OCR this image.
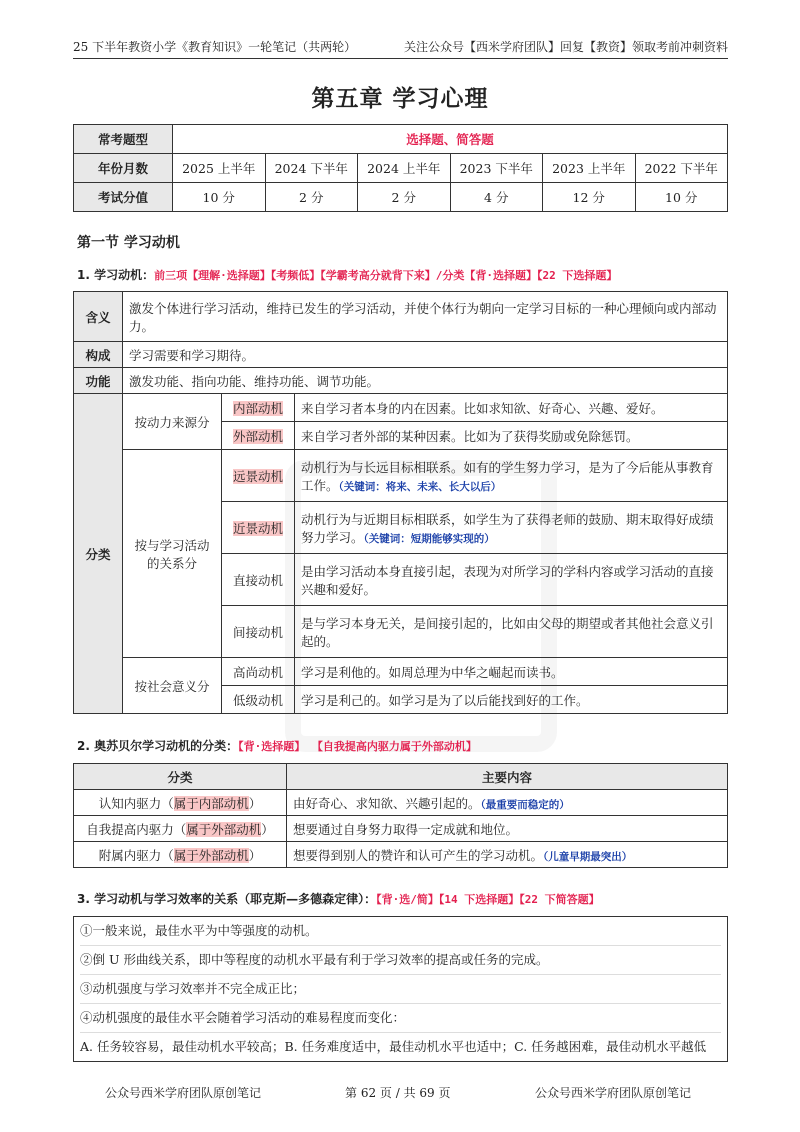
25 下半年教资小学《教育知识》一轮笔记（共两轮）	关注公众号【西米学府团队】回复【教资】领取考前冲刺资料
第五章 学习心理
常考题型	选择题、简答题					
年份月数	2025 上半年	2024 下半年	2024 上半年	2023 下半年	2023 上半年	2022 下半年
考试分值	10 分	2 分	2 分	4 分	12 分	10 分
第一节 学习动机
1. 学习动机：前三项【理解·选择题】【考频低】【学霸考高分就背下来】/分类【背·选择题】【22 下选择题】
含义	激发个体进行学习活动，维持已发生的学习活动，并使个体行为朝向一定学习目标的一种心理倾向或内部动力。		
构成	学习需要和学习期待。		
功能	激发功能、指向功能、维持功能、调节功能。		
分类	按动力来源分	内部动机	来自学习者本身的内在因素。比如求知欲、好奇心、兴趣、爱好。
		外部动机	来自学习者外部的某种因素。比如为了获得奖励或免除惩罚。
	按与学习活动的关系分	远景动机	动机行为与长远目标相联系。如有的学生努力学习，是为了今后能从事教育工作。（关键词：将来、未来、长大以后）
		近景动机	动机行为与近期目标相联系，如学生为了获得老师的鼓励、期末取得好成绩努力学习。（关键词：短期能够实现的）
		直接动机	是由学习活动本身直接引起，表现为对所学习的学科内容或学习活动的直接兴趣和爱好。
		间接动机	是与学习本身无关，是间接引起的，比如由父母的期望或者其他社会意义引起的。
	按社会意义分	高尚动机	学习是利他的。如周总理为中华之崛起而读书。
		低级动机	学习是利己的。如学习是为了以后能找到好的工作。
2. 奥苏贝尔学习动机的分类：【背·选择题】 【自我提高内驱力属于外部动机】
分类	主要内容
认知内驱力（属于内部动机）	由好奇心、求知欲、兴趣引起的。（最重要而稳定的）
自我提高内驱力（属于外部动机）	想要通过自身努力取得一定成就和地位。
附属内驱力（属于外部动机）	想要得到别人的赞许和认可产生的学习动机。（儿童早期最突出）
3. 学习动机与学习效率的关系（耶克斯—多德森定律）：【背·选/简】【14 下选择题】【22 下简答题】
①一般来说，最佳水平为中等强度的动机。
②倒 U 形曲线关系，即中等程度的动机水平最有利于学习效率的提高或任务的完成。
③动机强度与学习效率并不完全成正比；
④动机强度的最佳水平会随着学习活动的难易程度而变化：
A. 任务较容易，最佳动机水平较高；B. 任务难度适中，最佳动机水平也适中；C. 任务越困难，最佳动机水平越低
公众号西米学府团队原创笔记	第 62 页 / 共 69 页	公众号西米学府团队原创笔记
